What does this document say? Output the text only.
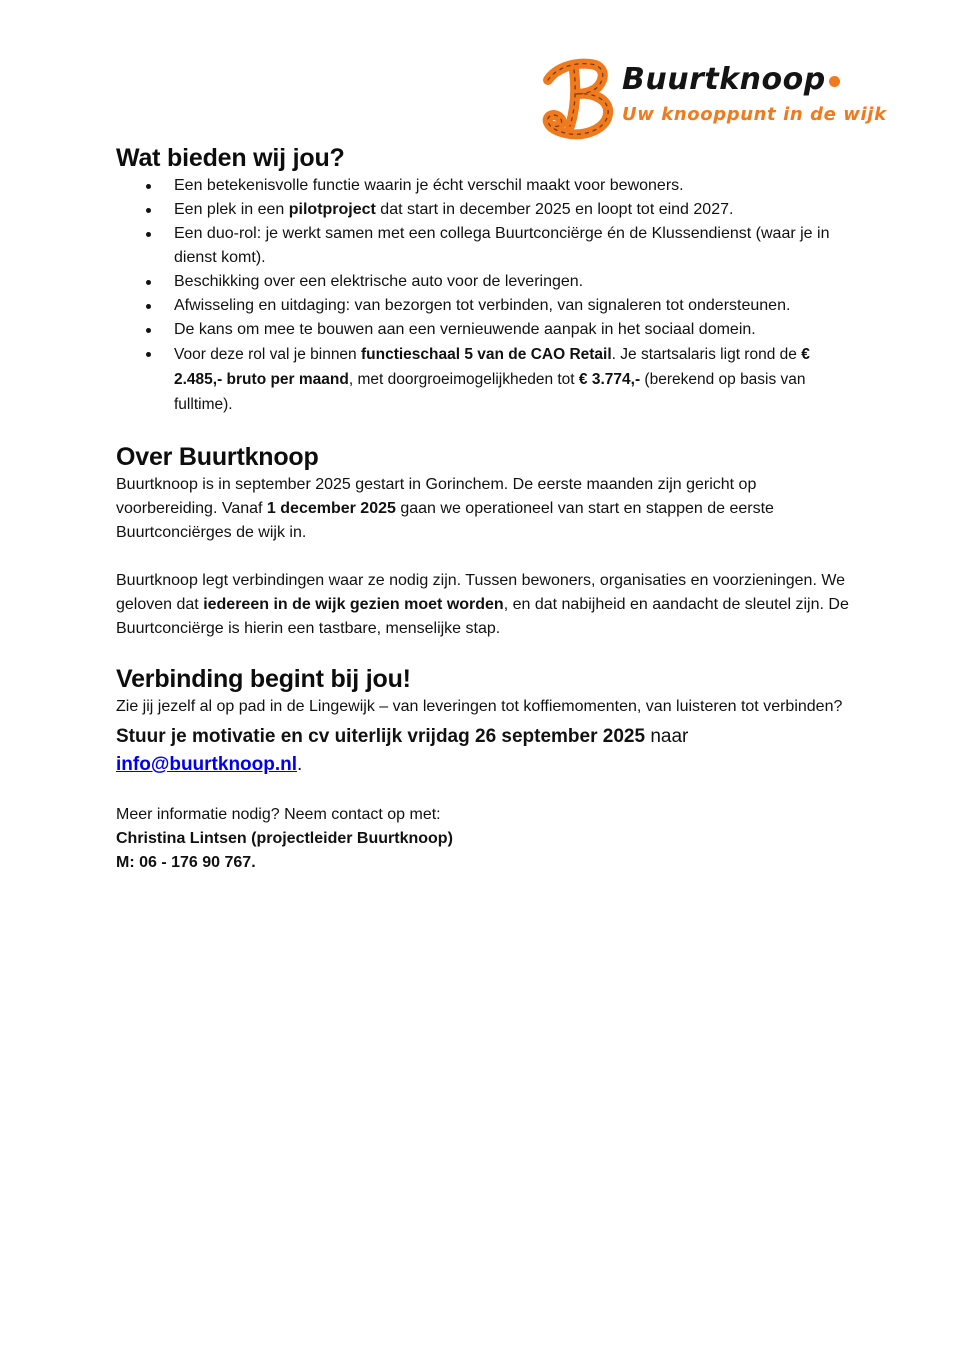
Buurtknoop
Uw knooppunt in de wijk
Wat bieden wij jou?
Een betekenisvolle functie waarin je écht verschil maakt voor bewoners.
Een plek in een pilotproject dat start in december 2025 en loopt tot eind 2027.
Een duo-rol: je werkt samen met een collega Buurtconciërge én de Klussendienst (waar je in dienst komt).
Beschikking over een elektrische auto voor de leveringen.
Afwisseling en uitdaging: van bezorgen tot verbinden, van signaleren tot ondersteunen.
De kans om mee te bouwen aan een vernieuwende aanpak in het sociaal domein.
Voor deze rol val je binnen functieschaal 5 van de CAO Retail. Je startsalaris ligt rond de € 2.485,- bruto per maand, met doorgroeimogelijkheden tot € 3.774,- (berekend op basis van fulltime).
Over Buurtknoop

Buurtknoop is in september 2025 gestart in Gorinchem. De eerste maanden zijn gericht op voorbereiding. Vanaf 1 december 2025 gaan we operationeel van start en stappen de eerste Buurtconciërges de wijk in.

Buurtknoop legt verbindingen waar ze nodig zijn. Tussen bewoners, organisaties en voorzieningen. We geloven dat iedereen in de wijk gezien moet worden, en dat nabijheid en aandacht de sleutel zijn. De Buurtconciërge is hierin een tastbare, menselijke stap.

Verbinding begint bij jou!

Zie jij jezelf al op pad in de Lingewijk – van leveringen tot koffiemomenten, van luisteren tot verbinden?

Stuur je motivatie en cv uiterlijk vrijdag 26 september 2025 naar
info@buurtknoop.nl.

Meer informatie nodig? Neem contact op met:

Christina Lintsen (projectleider Buurtknoop)

M: 06 - 176 90 767.
